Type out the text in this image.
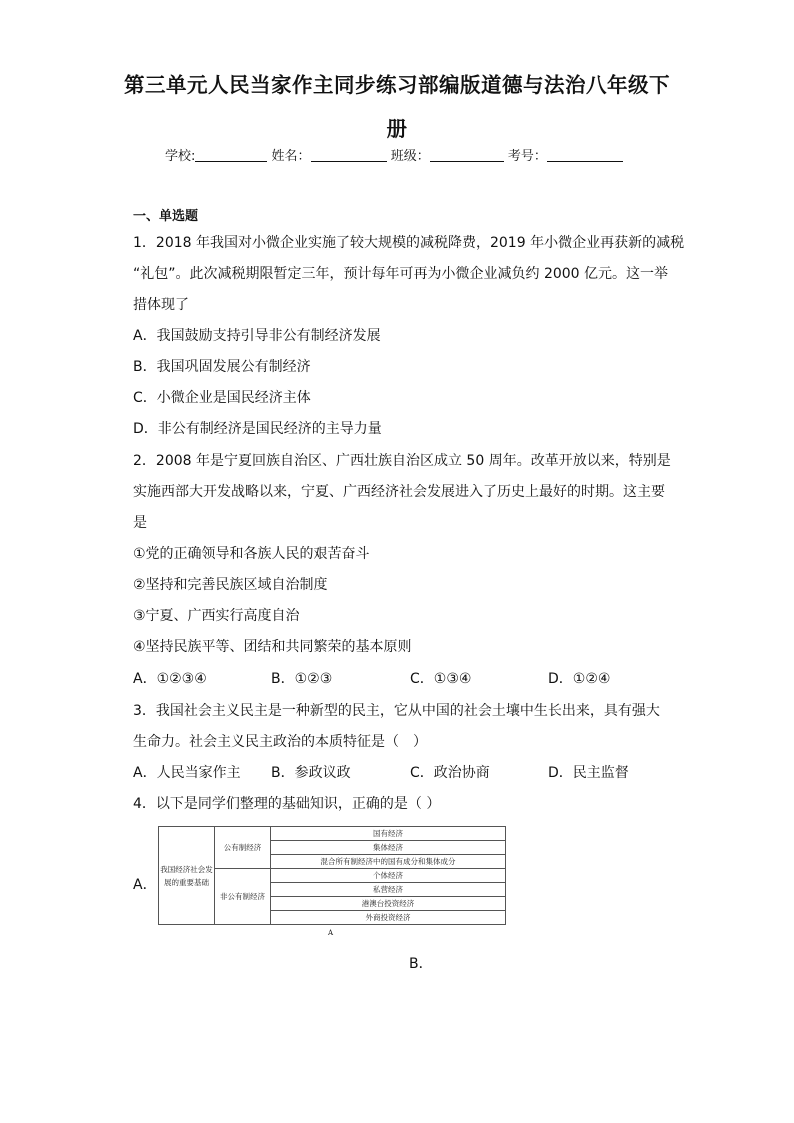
第三单元人民当家作主同步练习部编版道德与法治八年级下
册
学校:	姓名：	班级：	考号：
一、单选题
1．2018 年我国对小微企业实施了较大规模的减税降费，2019 年小微企业再获新的减税
“礼包”。此次减税期限暂定三年，预计每年可再为小微企业减负约 2000 亿元。这一举
措体现了
A．我国鼓励支持引导非公有制经济发展
B．我国巩固发展公有制经济
C．小微企业是国民经济主体
D．非公有制经济是国民经济的主导力量
2．2008 年是宁夏回族自治区、广西壮族自治区成立 50 周年。改革开放以来，特别是
实施西部大开发战略以来，宁夏、广西经济社会发展进入了历史上最好的时期。这主要
是
①党的正确领导和各族人民的艰苦奋斗
②坚持和完善民族区域自治制度
③宁夏、广西实行高度自治
④坚持民族平等、团结和共同繁荣的基本原则
A．①②③④	B．①②③	C．①③④	D．①②④
3．我国社会主义民主是一种新型的民主，它从中国的社会土壤中生长出来，具有强大
生命力。社会主义民主政治的本质特征是（　）
A．人民当家作主 B．参政议政	C．政治协商	D．民主监督
4．以下是同学们整理的基础知识，正确的是（ ）
A．
我国经济社会发展的重要基础	公有制经济	国有经济
		集体经济
		混合所有制经济中的国有成分和集体成分
	非公有制经济	个体经济
		私营经济
		港澳台投资经济
		外商投资经济
A
B．
